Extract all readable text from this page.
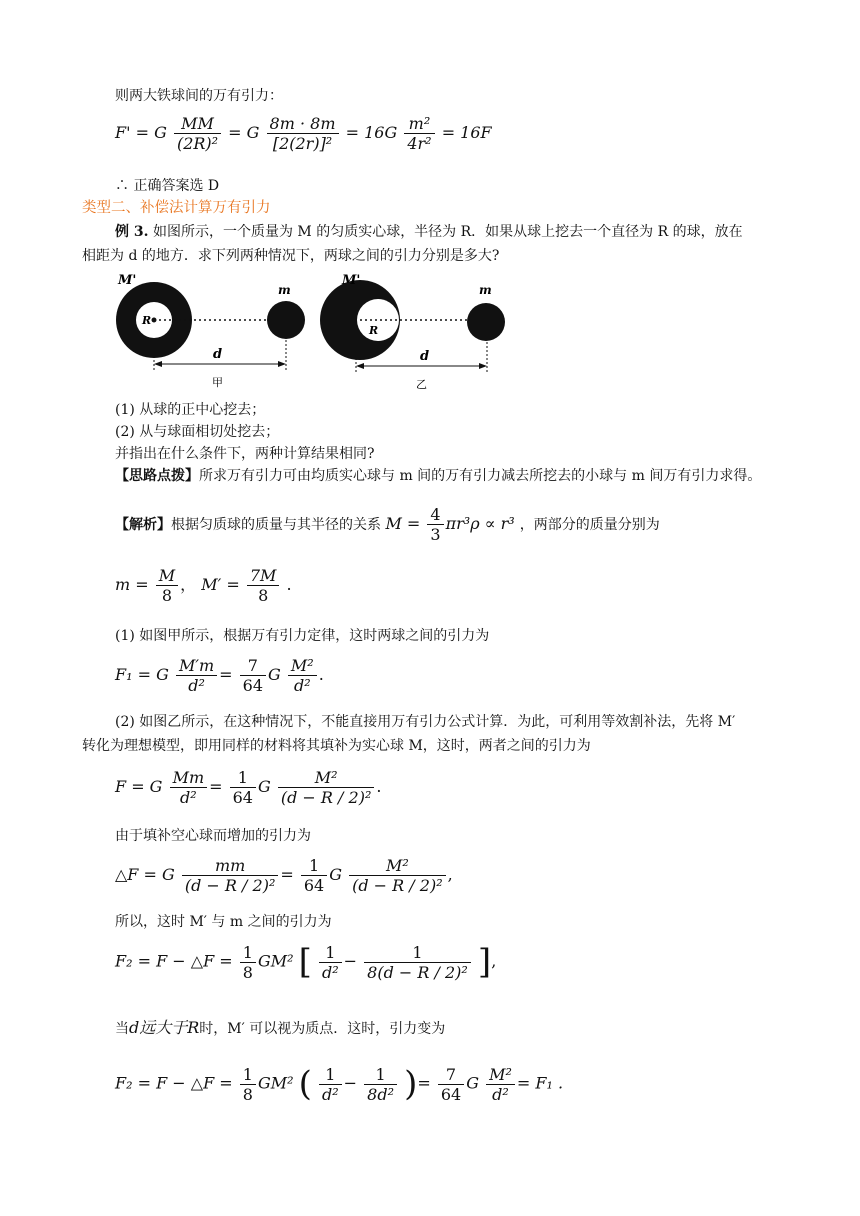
则两大铁球间的万有引力：
F' = G $\frac{MM}{\text{(2R)²}} = G \frac{8m \cdot 8m}{\text{[2(2r)]²}} = 16G \frac{\text{m²}}{\text{4r²}} = 16F$
∴ 正确答案选 D
类型二、补偿法计算万有引力
例 3. 如图所示，一个质量为 M 的匀质实心球，半径为 R．如果从球上挖去一个直径为 R 的球，放在
相距为 d 的地方．求下列两种情况下，两球之间的引力分别是多大?
M'
R
m
d
甲
M'
R
m
d
乙
(1) 从球的正中心挖去；
(2) 从与球面相切处挖去；
并指出在什么条件下，两种计算结果相同?
【思路点拨】所求万有引力可由均质实心球与 m 间的万有引力减去所挖去的小球与 m 间万有引力求得。
【解析】根据匀质球的质量与其半径的关系 $M = \frac{4}{3} \pi r^3\rho \propto r^3$ ，两部分的质量分别为
$m = \frac{M}{8}$ ， $M' = \frac{7M}{8}$ .
(1) 如图甲所示，根据万有引力定律，这时两球之间的引力为
F₁ = G $\frac{M'm}{\text{d²}} = \frac{7}{64}$ G $\frac{\text{M²}}{\text{d²}}$ .
(2) 如图乙所示，在这种情况下，不能直接用万有引力公式计算．为此，可利用等效割补法，先将 M′
转化为理想模型，即用同样的材料将其填补为实心球 M，这时，两者之间的引力为
F = G $\frac{Mm}{\text{d²}} = \frac{1}{64}$ G $\frac{\text{M²}}{\text{(d − R / 2)²}}$ .
由于填补空心球而增加的引力为
△F = G $\frac{mm}{\text{(d − R / 2)²}} = \frac{1}{64}$ G $\frac{\text{M²}}{\text{(d − R / 2)²}}$ ,
所以，这时 M′ 与 m 之间的引力为
F₂ = F − △F = $\frac{1}{8} GM^2$ [ $\frac{1}{\text{d²}} - \frac{1}{\text{8(d − R / 2)²}}$ ],
当d远大于R时，M′ 可以视为质点．这时，引力变为
F₂ = F − △F = $\frac{1}{8} GM^2$ ( $\frac{1}{\text{d²}} - \frac{1}{\text{8d²}}$ )= $\frac{7}{64}$ G $\frac{\text{M²}}{\text{d²}} = F_1$ .
